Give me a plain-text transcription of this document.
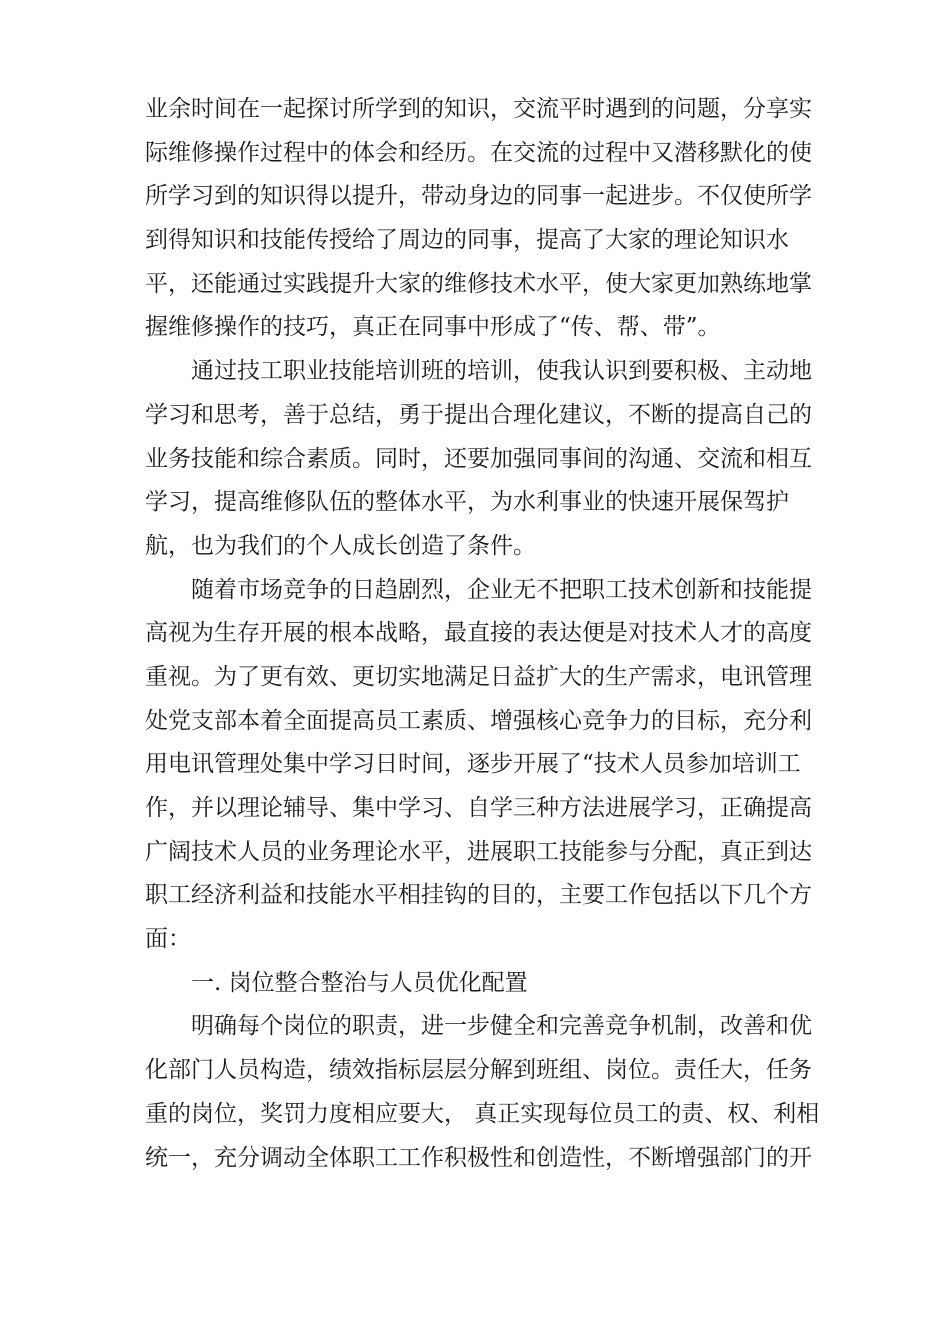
业余时间在一起探讨所学到的知识，交流平时遇到的问题，分享实
际维修操作过程中的体会和经历。在交流的过程中又潜移默化的使
所学习到的知识得以提升，带动身边的同事一起进步。不仅使所学
到得知识和技能传授给了周边的同事，提高了大家的理论知识水
平，还能通过实践提升大家的维修技术水平，使大家更加熟练地掌
握维修操作的技巧，真正在同事中形成了“传、帮、带”。
通过技工职业技能培训班的培训，使我认识到要积极、主动地
学习和思考，善于总结，勇于提出合理化建议，不断的提高自己的
业务技能和综合素质。同时，还要加强同事间的沟通、交流和相互
学习，提高维修队伍的整体水平，为水利事业的快速开展保驾护
航，也为我们的个人成长创造了条件。
随着市场竞争的日趋剧烈，企业无不把职工技术创新和技能提
高视为生存开展的根本战略，最直接的表达便是对技术人才的高度
重视。为了更有效、更切实地满足日益扩大的生产需求，电讯管理
处党支部本着全面提高员工素质、增强核心竞争力的目标，充分利
用电讯管理处集中学习日时间，逐步开展了“技术人员参加培训工
作，并以理论辅导、集中学习、自学三种方法进展学习，正确提高
广阔技术人员的业务理论水平，进展职工技能参与分配，真正到达
职工经济利益和技能水平相挂钩的目的，主要工作包括以下几个方
面：
一. 岗位整合整治与人员优化配置
明确每个岗位的职责，进一步健全和完善竞争机制，改善和优
化部门人员构造，绩效指标层层分解到班组、岗位。责任大，任务
重的岗位，奖罚力度相应要大， 真正实现每位员工的责、权、利相
统一，充分调动全体职工工作积极性和创造性，不断增强部门的开
